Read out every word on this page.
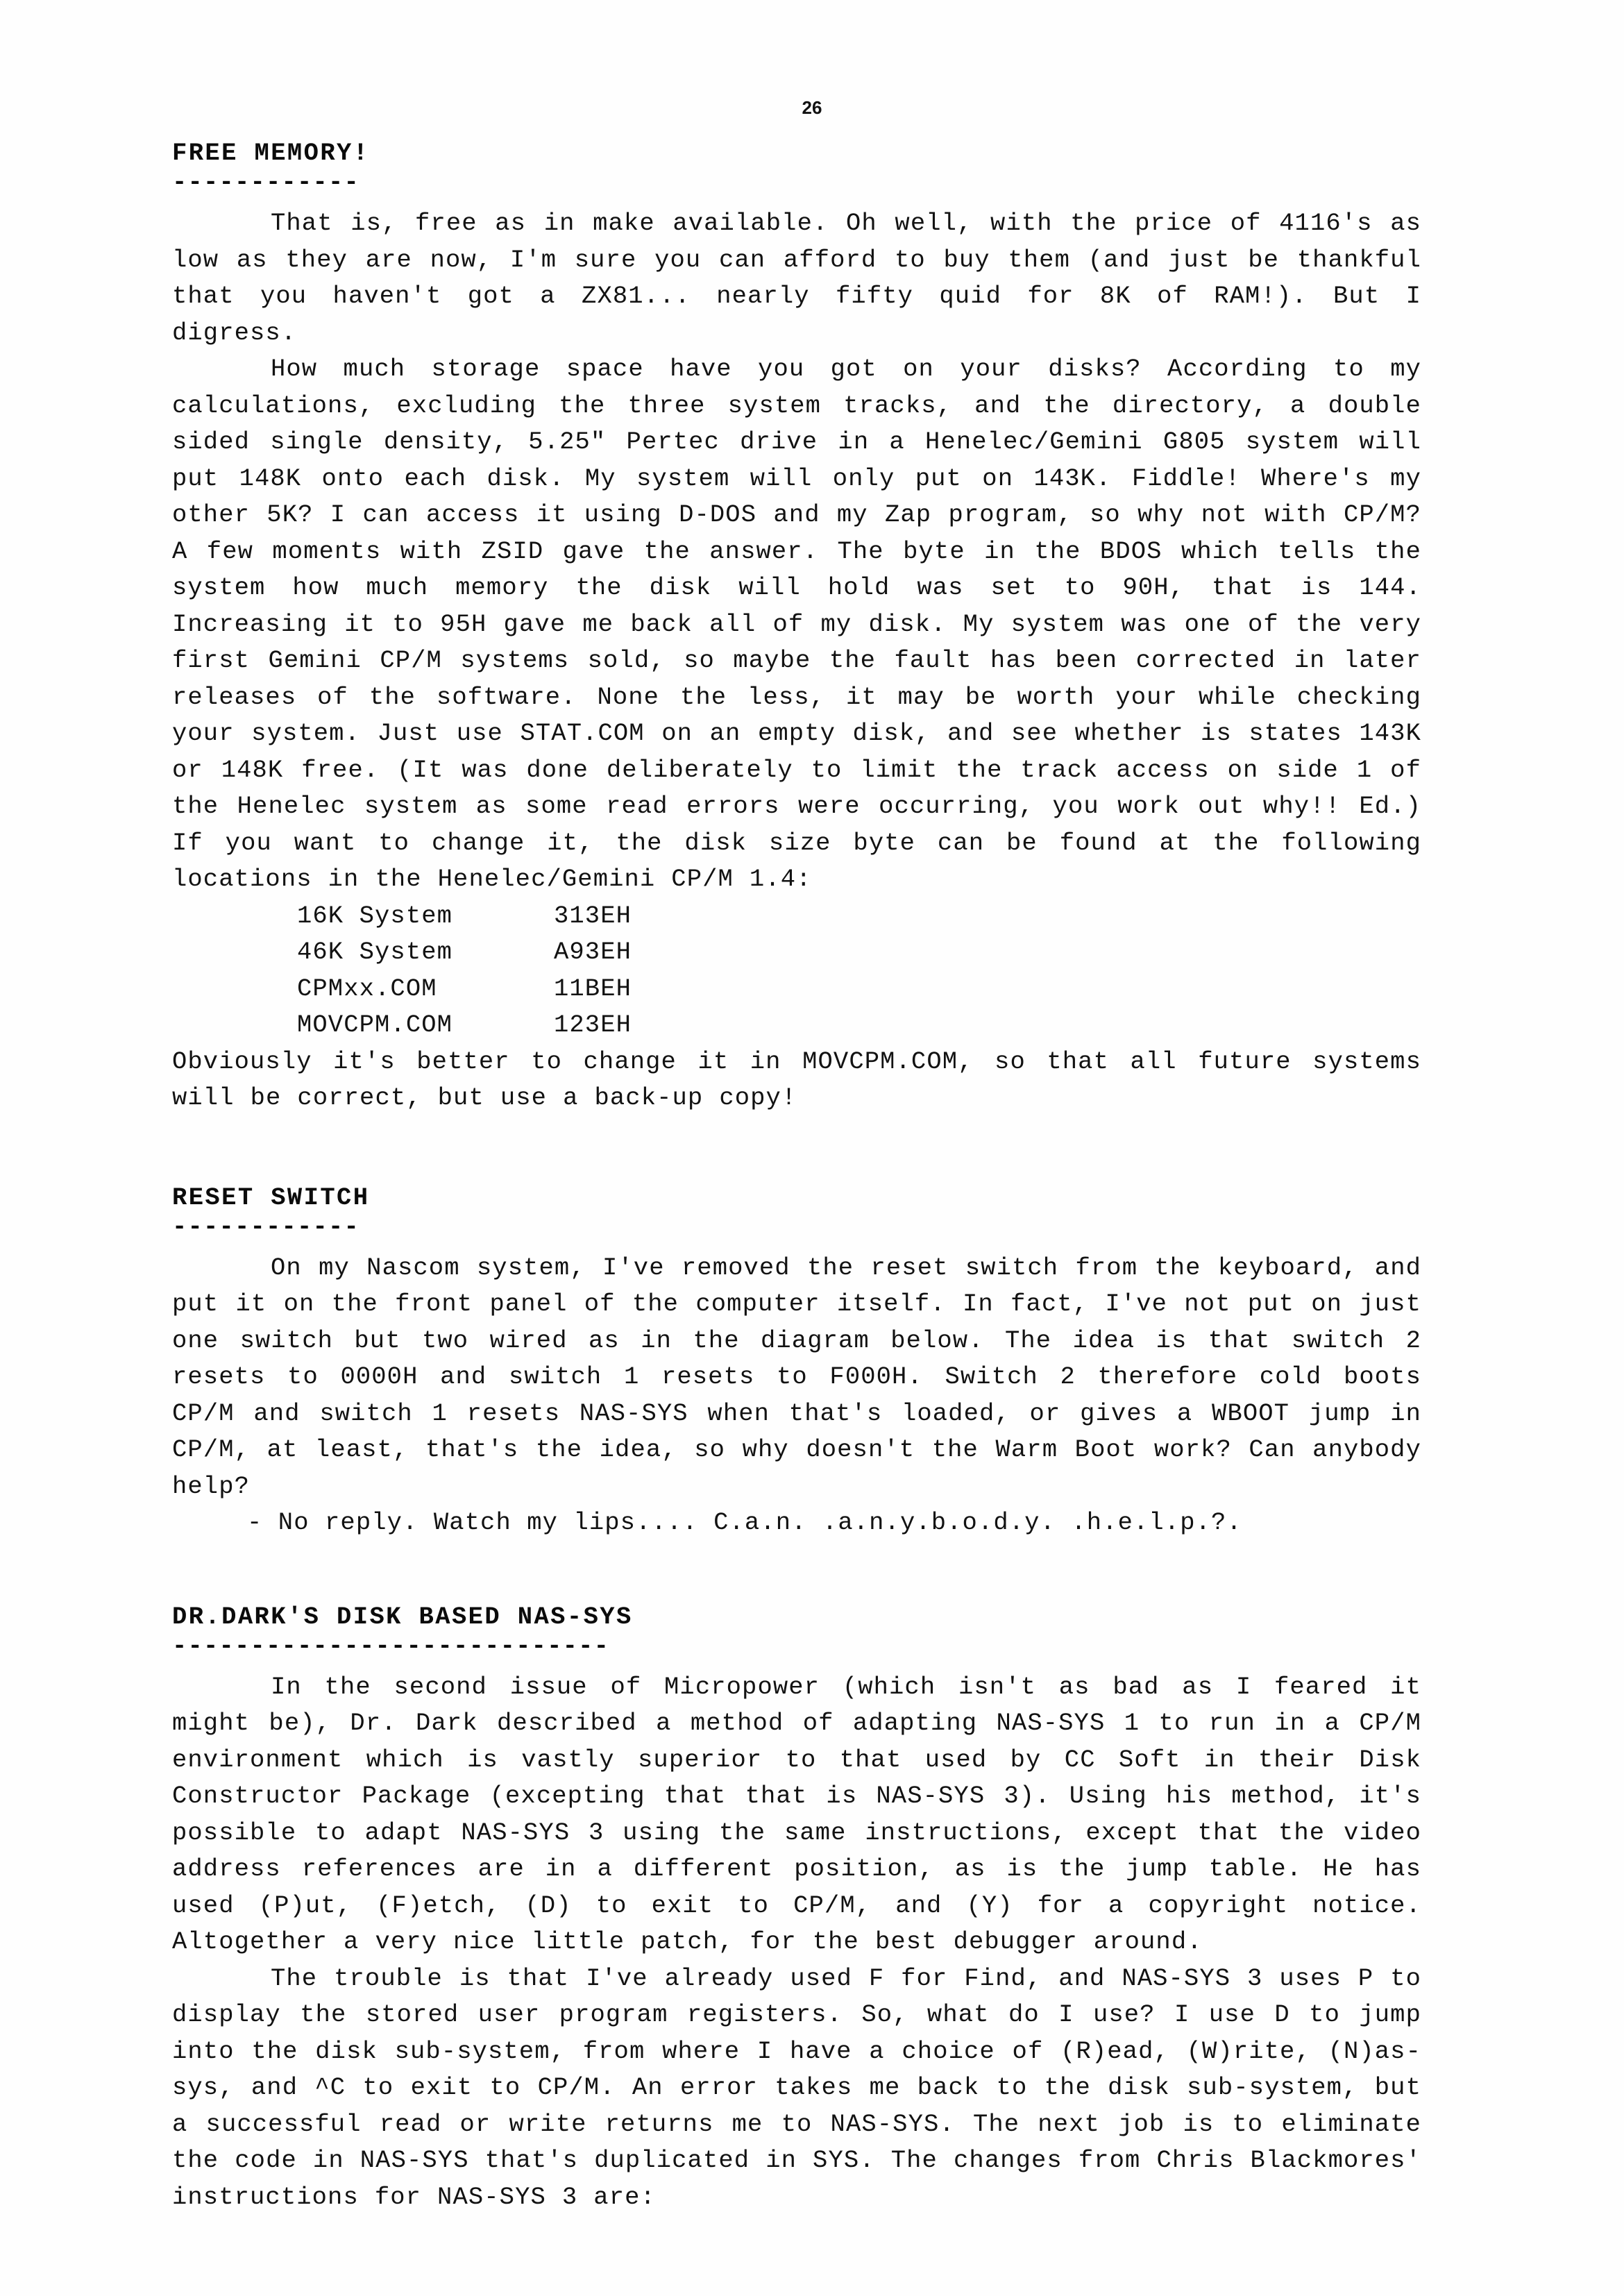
26
FREE MEMORY!
------------

That is, free as in make available. Oh well, with the price of 4116's as low as they are now, I'm sure you can afford to buy them (and just be thankful that you haven't got a ZX81... nearly fifty quid for 8K of RAM!). But I digress.

How much storage space have you got on your disks? According to my calculations, excluding the three system tracks, and the directory, a double sided single density, 5.25" Pertec drive in a Henelec/Gemini G805 system will put 148K onto each disk. My system will only put on 143K. Fiddle! Where's my other 5K? I can access it using D-DOS and my Zap program, so why not with CP/M? A few moments with ZSID gave the answer. The byte in the BDOS which tells the system how much memory the disk will hold was set to 90H, that is 144. Increasing it to 95H gave me back all of my disk. My system was one of the very first Gemini CP/M systems sold, so maybe the fault has been corrected in later releases of the software. None the less, it may be worth your while checking your system. Just use STAT.COM on an empty disk, and see whether is states 143K or 148K free. (It was done deliberately to limit the track access on side 1 of the Henelec system as some read errors were occurring, you work out why!! Ed.) If you want to change it, the disk size byte can be found at the following locations in the Henelec/Gemini CP/M 1.4:

16K System	313EH
46K System	A93EH
CPMxx.COM	11BEH
MOVCPM.COM	123EH

Obviously it's better to change it in MOVCPM.COM, so that all future systems will be correct, but use a back-up copy!

RESET SWITCH
------------

On my Nascom system, I've removed the reset switch from the keyboard, and put it on the front panel of the computer itself. In fact, I've not put on just one switch but two wired as in the diagram below. The idea is that switch 2 resets to 0000H and switch 1 resets to F000H. Switch 2 therefore cold boots CP/M and switch 1 resets NAS-SYS when that's loaded, or gives a WBOOT jump in CP/M, at least, that's the idea, so why doesn't the Warm Boot work? Can anybody help?

- No reply. Watch my lips.... C.a.n. .a.n.y.b.o.d.y. .h.e.l.p.?.

DR.DARK'S DISK BASED NAS-SYS
----------------------------

In the second issue of Micropower (which isn't as bad as I feared it might be), Dr. Dark described a method of adapting NAS-SYS 1 to run in a CP/M environment which is vastly superior to that used by CC Soft in their Disk Constructor Package (excepting that that is NAS-SYS 3). Using his method, it's possible to adapt NAS-SYS 3 using the same instructions, except that the video address references are in a different position, as is the jump table. He has used (P)ut, (F)etch, (D) to exit to CP/M, and (Y) for a copyright notice. Altogether a very nice little patch, for the best debugger around.

The trouble is that I've already used F for Find, and NAS-SYS 3 uses P to display the stored user program registers. So, what do I use? I use D to jump into the disk sub-system, from where I have a choice of (R)ead, (W)rite, (N)as-sys, and ^C to exit to CP/M. An error takes me back to the disk sub-system, but a successful read or write returns me to NAS-SYS. The next job is to eliminate the code in NAS-SYS that's duplicated in SYS. The changes from Chris Blackmores' instructions for NAS-SYS 3 are:
